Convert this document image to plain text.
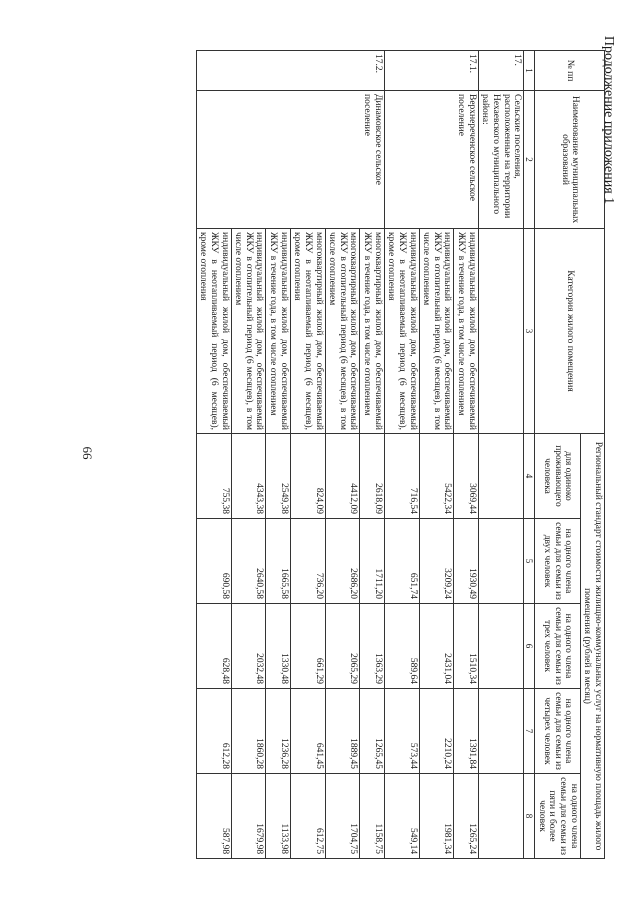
66
Продолжение приложения 1
№ пп	Наименование муниципальных образований	Категория жилого помещения	Региональный стандарт стоимости жилищно-коммунальных услуг на нормативную площадь жилого помещения (рублей в месяц)				
			для одиноко проживающего человека	на одного члена семьи для семьи из двух человек	на одного члена семьи для семьи из трех человек	на одного члена семьи для семьи из четырех человек	на одного члена семьи для семьи из пяти и более человек
1	2	3	4	5	6	7	8
17.	Сельские поселения, расположенные на территории Нехаевского муниципального района:						
17.1.	Верхнереченское сельское поселение	индивидуальный жилой дом, обеспечиваемый ЖКУ в течение года, в том числе отоплением	3069,44	1930,49	1510,34	1391,84	1265,24
		индивидуальный жилой дом, обеспечиваемый ЖКУ в отопительный период (6 месяцев), в том числе отоплением	5422,34	3209,24	2431,04	2210,24	1981,34
		индивидуальный жилой дом, обеспечиваемый ЖКУ в неотапливаемый период (6 месяцев), кроме отопления	716,54	651,74	589,64	573,44	549,14
17.2.	Динамовское сельское поселение	многоквартирный жилой дом, обеспечиваемый ЖКУ в течение года, в том числе отоплением	2618,09	1711,20	1363,29	1265,45	1158,75
		многоквартирный жилой дом, обеспечиваемый ЖКУ в отопительный период (6 месяцев), в том числе отоплением	4412,09	2686,20	2065,29	1889,45	1704,75
		многоквартирный жилой дом, обеспечиваемый ЖКУ в неотапливаемый период (6 месяцев), кроме отопления	824,09	736,20	661,29	641,45	612,75
		индивидуальный жилой дом, обеспечиваемый ЖКУ в течение года, в том числе отоплением	2549,38	1665,58	1330,48	1236,28	1133,98
		индивидуальный жилой дом, обеспечиваемый ЖКУ в отопительный период (6 месяцев), в том числе отоплением	4343,38	2640,58	2032,48	1860,28	1679,98
		индивидуальный жилой дом, обеспечиваемый ЖКУ в неотапливаемый период (6 месяцев), кроме отопления	755,38	690,58	628,48	612,28	587,98
